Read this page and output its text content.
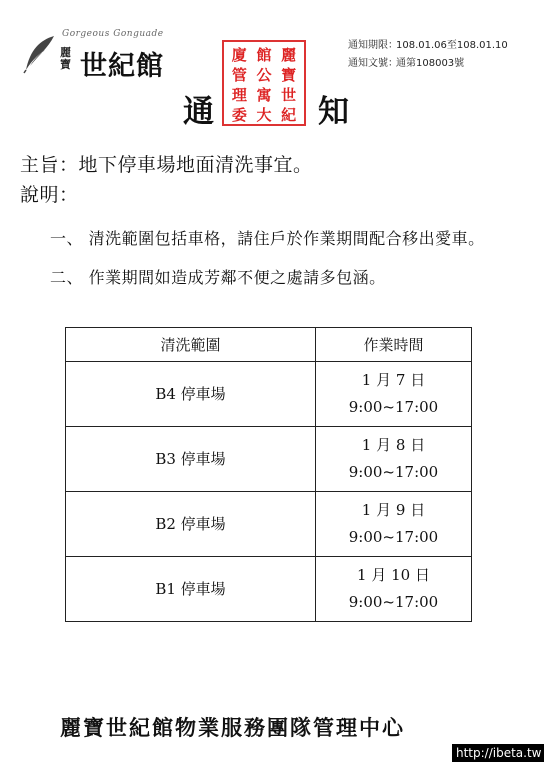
Gorgeous Gonguade
麗寶 世紀館
通知期限：
108.01.06至108.01.10
通知文號：
通第108003號
廈 館 麗
管 公 寶
理 寓 世
委 大 紀
通	知
主旨：地下停車場地面清洗事宜。
說明：
一、 清洗範圍包括車格，請住戶於作業期間配合移出愛車。
二、 作業期間如造成芳鄰不便之處請多包涵。
清洗範圍	作業時間
B4 停車場	1 月 7 日
9:00~17:00
B3 停車場	1 月 8 日
9:00~17:00
B2 停車場	1 月 9 日
9:00~17:00
B1 停車場	1 月 10 日
9:00~17:00
麗寶世紀館物業服務團隊管理中心
http://ibeta.tw
